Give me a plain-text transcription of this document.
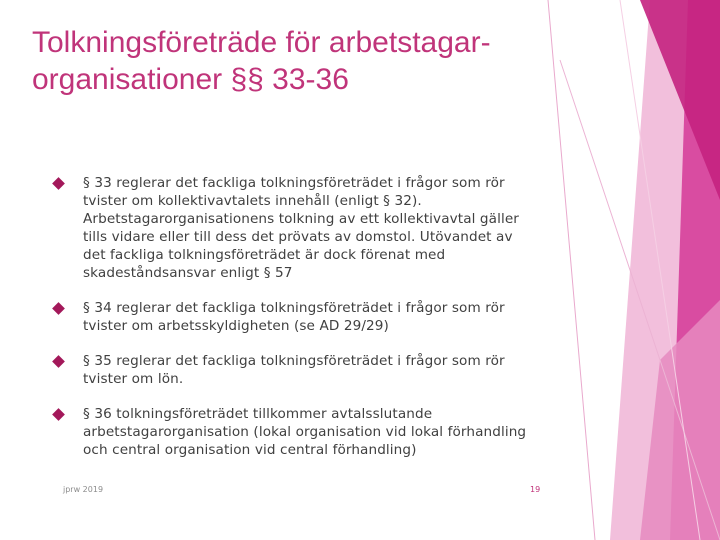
Tolkningsföreträde för arbetstagar-
organisationer §§ 33-36
§ 33 reglerar det fackliga tolkningsföreträdet i frågor som rör tvister om kollektivavtalets innehåll (enligt § 32). Arbetstagarorganisationens tolkning av ett kollektivavtal gäller tills vidare eller till dess det prövats av domstol. Utövandet av det fackliga tolkningsföreträdet är dock förenat med skadeståndsansvar enligt § 57
§ 34 reglerar det fackliga tolkningsföreträdet i frågor som rör tvister om arbetsskyldigheten (se AD 29/29)
§ 35 reglerar det fackliga tolkningsföreträdet i frågor som rör tvister om lön.
§ 36 tolkningsföreträdet tillkommer avtalsslutande arbetstagarorganisation (lokal organisation vid lokal förhandling och central organisation vid central förhandling)
jprw 2019	19
